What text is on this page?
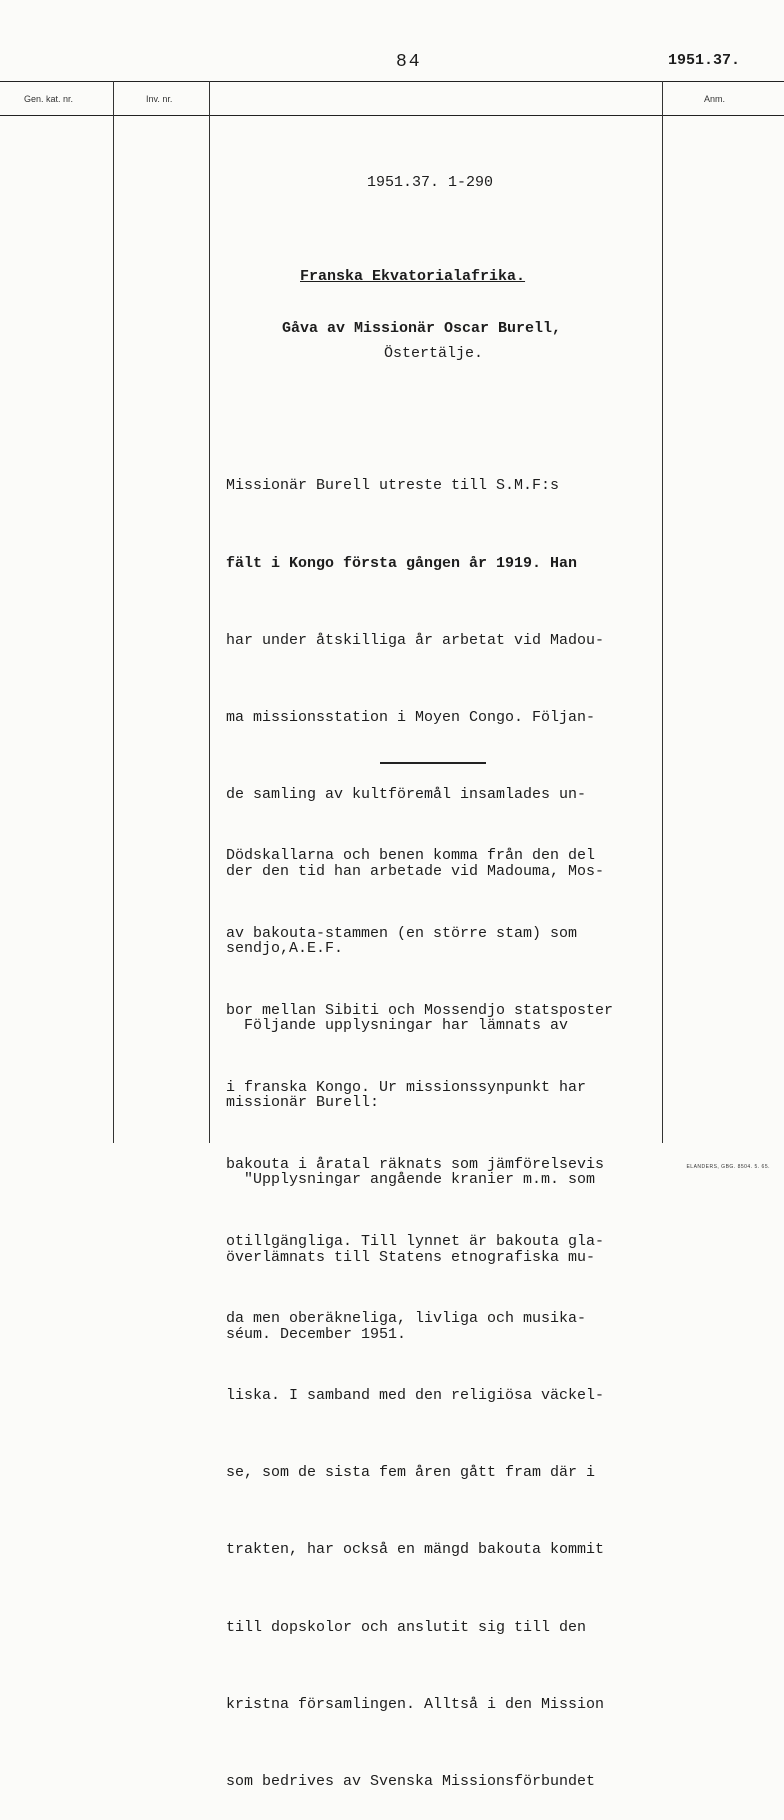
84	1951.37.
Gen. kat. nr.	Inv. nr.	Anm.
1951.37. 1-290
Franska Ekvatorialafrika.
Gåva av Missionär Oscar Burell,
Östertälje.

Missionär Burell utreste till S.M.F:s

fält i Kongo första gången år 1919. Han

har under åtskilliga år arbetat vid Madou-

ma missionsstation i Moyen Congo. Följan-

de samling av kultföremål insamlades un-

der den tid han arbetade vid Madouma, Mos-

sendjo,A.E.F.

Följande upplysningar har lämnats av

missionär Burell:

"Upplysningar angående kranier m.m. som

överlämnats till Statens etnografiska mu-

séum. December 1951.

Dödskallarna och benen komma från den del

av bakouta-stammen (en större stam) som

bor mellan Sibiti och Mossendjo statsposter

i franska Kongo. Ur missionssynpunkt har

bakouta i åratal räknats som jämförelsevis

otillgängliga. Till lynnet är bakouta gla-

da men oberäkneliga, livliga och musika-

liska. I samband med den religiösa väckel-

se, som de sista fem åren gått fram där i

trakten, har också en mängd bakouta kommit

till dopskolor och anslutit sig till den

kristna församlingen. Alltså i den Mission

som bedrives av Svenska Missionsförbundet

ELANDERS, GBG. 8504. 5. 65.
